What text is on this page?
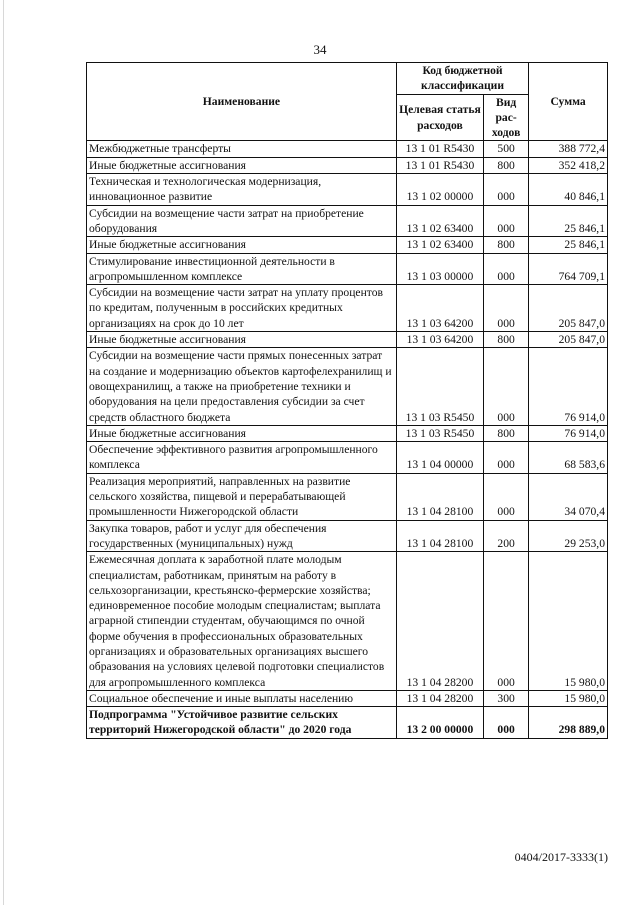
34
Наименование	Код бюджетной классификации		Сумма
	Целевая статья расходов	Вид рас-ходов	
Межбюджетные трансферты	13 1 01 R5430	500	388 772,4
Иные бюджетные ассигнования	13 1 01 R5430	800	352 418,2
Техническая и технологическая модернизация, инновационное развитие	13 1 02 00000	000	40 846,1
Субсидии на возмещение части затрат на приобретение оборудования	13 1 02 63400	000	25 846,1
Иные бюджетные ассигнования	13 1 02 63400	800	25 846,1
Стимулирование инвестиционной деятельности в агропромышленном комплексе	13 1 03 00000	000	764 709,1
Субсидии на возмещение части затрат на уплату процентов по кредитам, полученным в российских кредитных организациях на срок до 10 лет	13 1 03 64200	000	205 847,0
Иные бюджетные ассигнования	13 1 03 64200	800	205 847,0
Субсидии на возмещение части прямых понесенных затрат на создание и модернизацию объектов картофелехранилищ и овощехранилищ, а также на приобретение техники и оборудования на цели предоставления субсидии за счет средств областного бюджета	13 1 03 R5450	000	76 914,0
Иные бюджетные ассигнования	13 1 03 R5450	800	76 914,0
Обеспечение эффективного развития агропромышленного комплекса	13 1 04 00000	000	68 583,6
Реализация мероприятий, направленных на развитие сельского хозяйства, пищевой и перерабатывающей промышленности Нижегородской области	13 1 04 28100	000	34 070,4
Закупка товаров, работ и услуг для обеспечения государственных (муниципальных) нужд	13 1 04 28100	200	29 253,0
Ежемесячная доплата к заработной плате молодым специалистам, работникам, принятым на работу в сельхозорганизации, крестьянско-фермерские хозяйства; единовременное пособие молодым специалистам; выплата аграрной стипендии студентам, обучающимся по очной форме обучения в профессиональных образовательных организациях и образовательных организациях высшего образования на условиях целевой подготовки специалистов для агропромышленного комплекса	13 1 04 28200	000	15 980,0
Социальное обеспечение и иные выплаты населению	13 1 04 28200	300	15 980,0
Подпрограмма "Устойчивое развитие сельских территорий Нижегородской области" до 2020 года	13 2 00 00000	000	298 889,0
0404/2017-3333(1)
